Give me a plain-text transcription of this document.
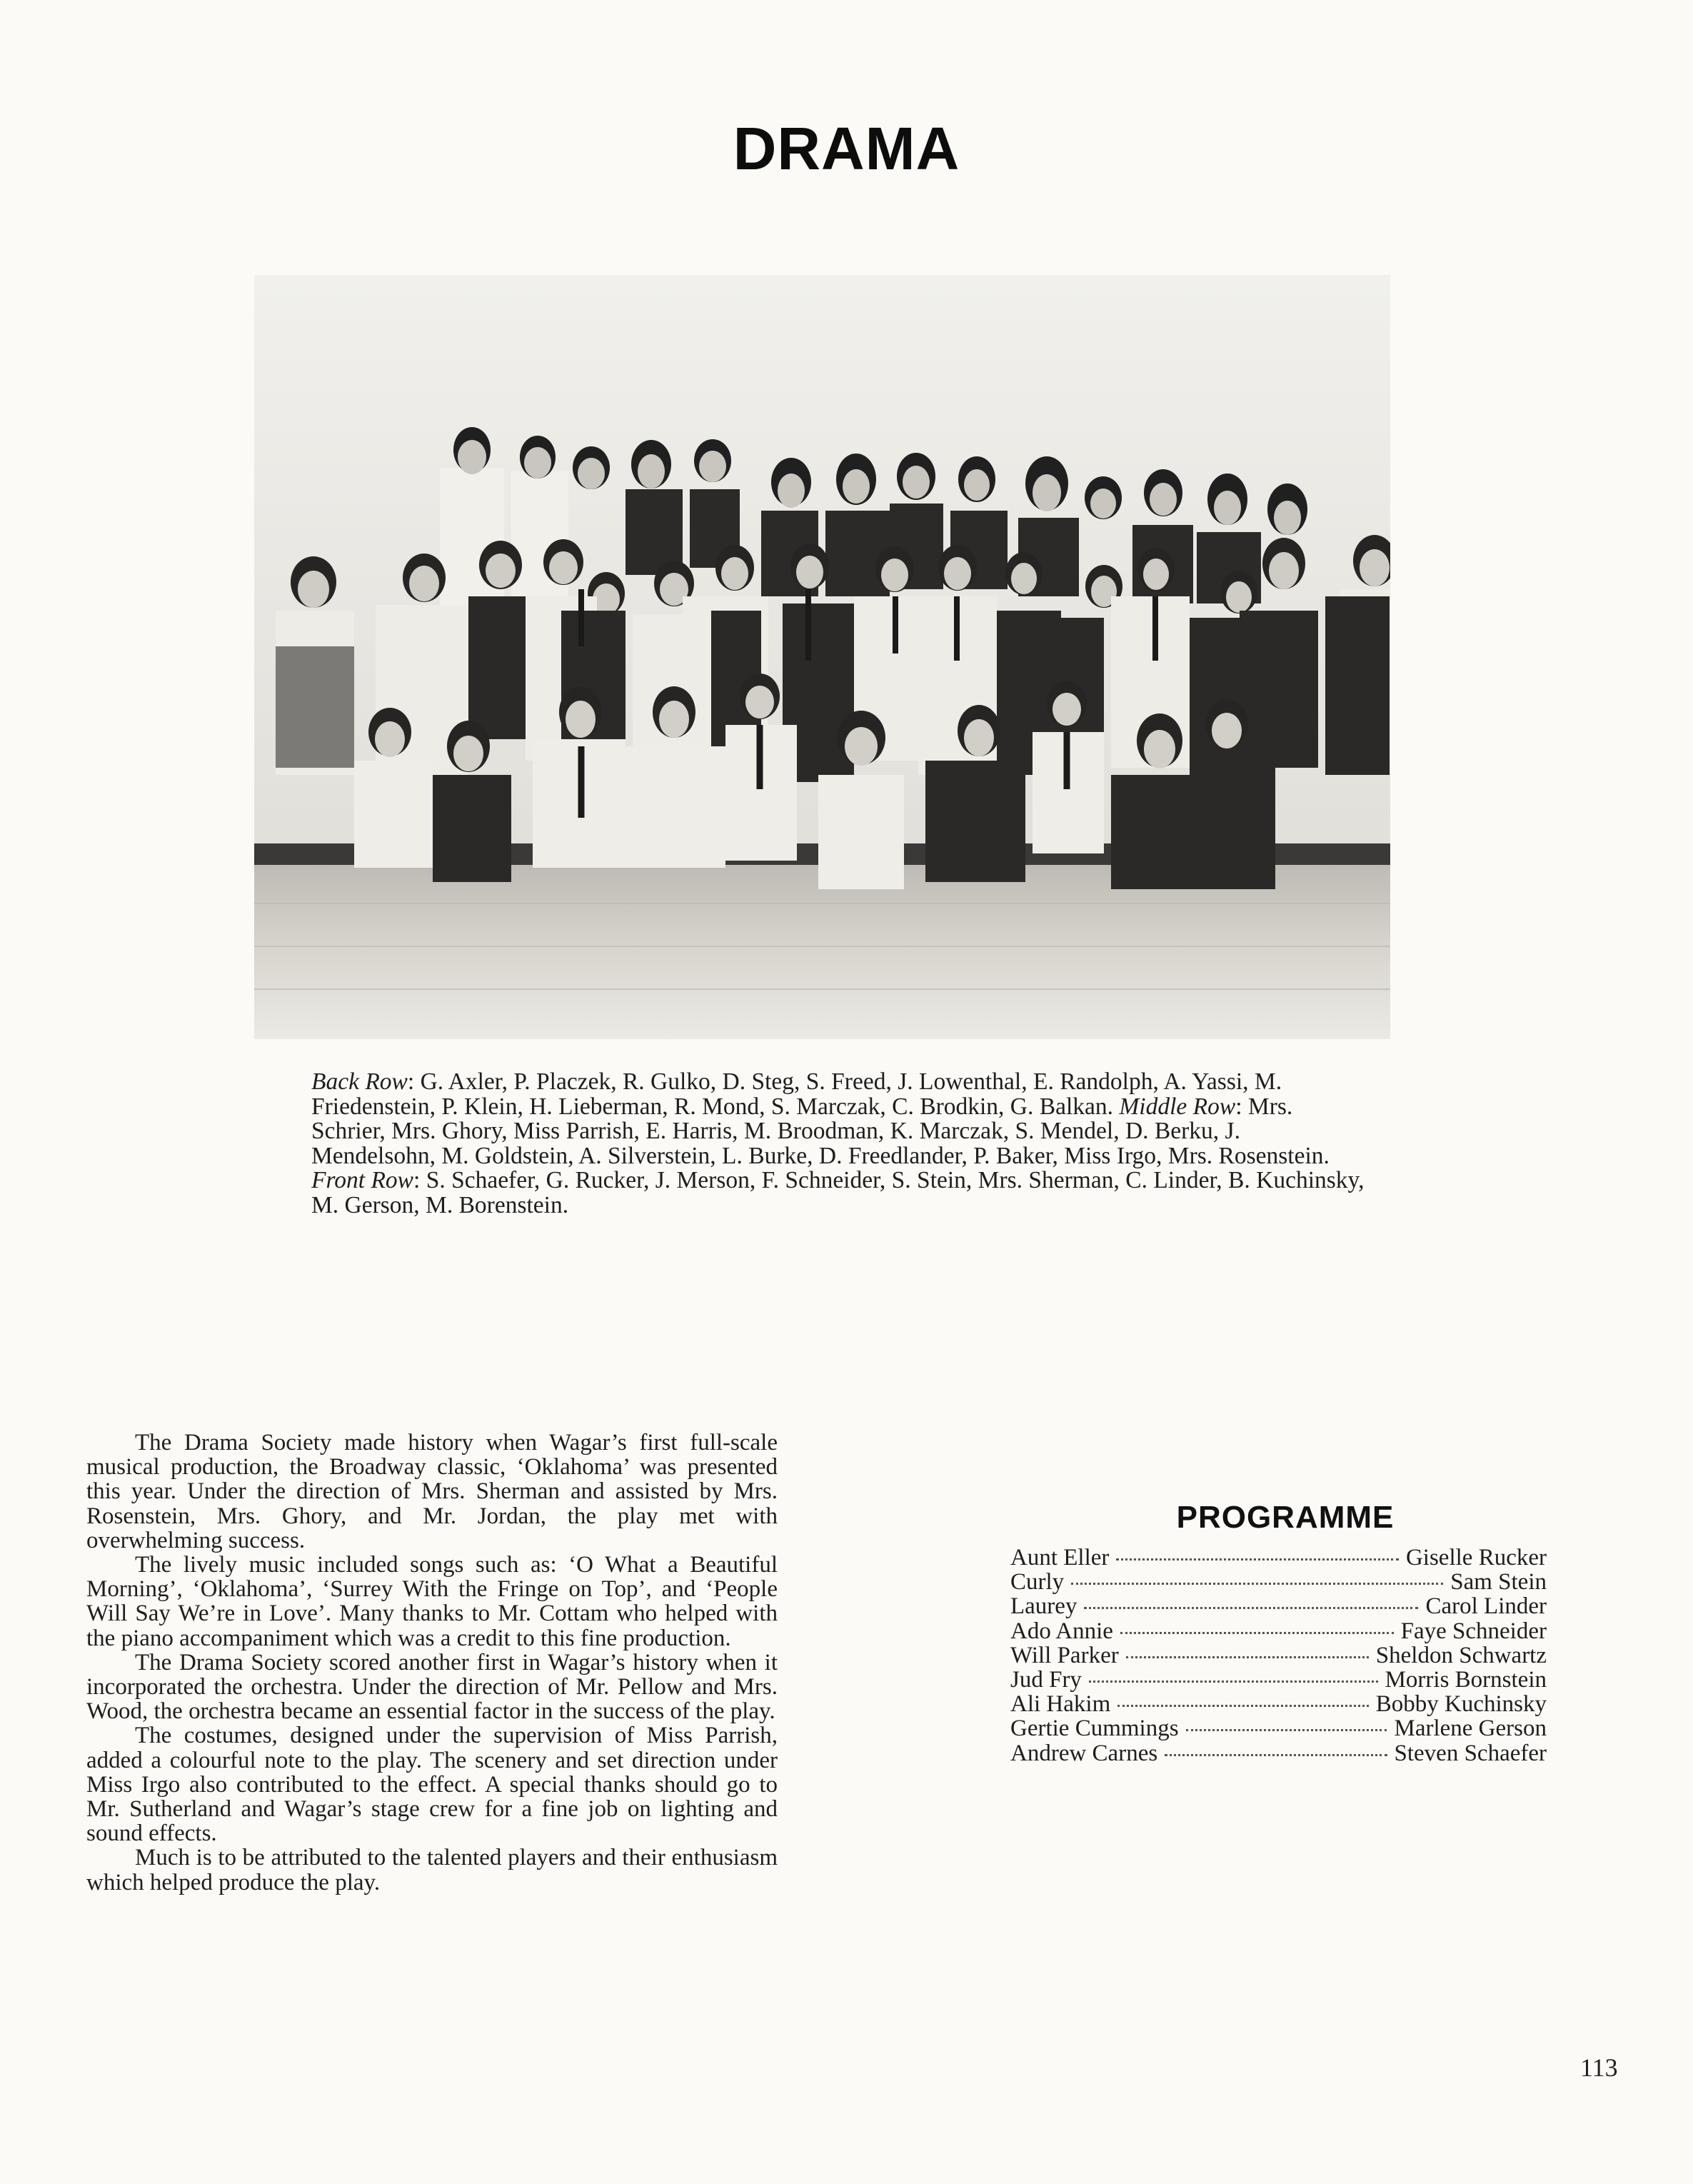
DRAMA
Back Row: G. Axler, P. Placzek, R. Gulko, D. Steg, S. Freed, J. Lowenthal, E. Randolph, A. Yassi, M. Friedenstein, P. Klein, H. Lieberman, R. Mond, S. Marczak, C. Brodkin, G. Balkan. Middle Row: Mrs. Schrier, Mrs. Ghory, Miss Parrish, E. Harris, M. Broodman, K. Marczak, S. Mendel, D. Berku, J. Mendelsohn, M. Goldstein, A. Silverstein, L. Burke, D. Freedlander, P. Baker, Miss Irgo, Mrs. Rosenstein. Front Row: S. Schaefer, G. Rucker, J. Merson, F. Schneider, S. Stein, Mrs. Sherman, C. Linder, B. Kuchinsky, M. Gerson, M. Borenstein.

The Drama Society made history when Wagar’s first full-scale musical production, the Broadway classic, ‘Oklahoma’ was presented this year. Under the direction of Mrs. Sherman and assisted by Mrs. Rosenstein, Mrs. Ghory, and Mr. Jordan, the play met with overwhelming success.

The lively music included songs such as: ‘O What a Beautiful Morning’, ‘Oklahoma’, ‘Surrey With the Fringe on Top’, and ‘People Will Say We’re in Love’. Many thanks to Mr. Cottam who helped with the piano accompaniment which was a credit to this fine production.

The Drama Society scored another first in Wagar’s history when it incorporated the orchestra. Under the direction of Mr. Pellow and Mrs. Wood, the orchestra became an essential factor in the success of the play.

The costumes, designed under the supervision of Miss Parrish, added a colourful note to the play. The scenery and set direction under Miss Irgo also contributed to the effect. A special thanks should go to Mr. Sutherland and Wagar’s stage crew for a fine job on lighting and sound effects.

Much is to be attributed to the talented players and their enthusiasm which helped produce the play.

PROGRAMME
Aunt Eller	Giselle Rucker
Curly	Sam Stein
Laurey	Carol Linder
Ado Annie	Faye Schneider
Will Parker	Sheldon Schwartz
Jud Fry	Morris Bornstein
Ali Hakim	Bobby Kuchinsky
Gertie Cummings	Marlene Gerson
Andrew Carnes	Steven Schaefer
113
